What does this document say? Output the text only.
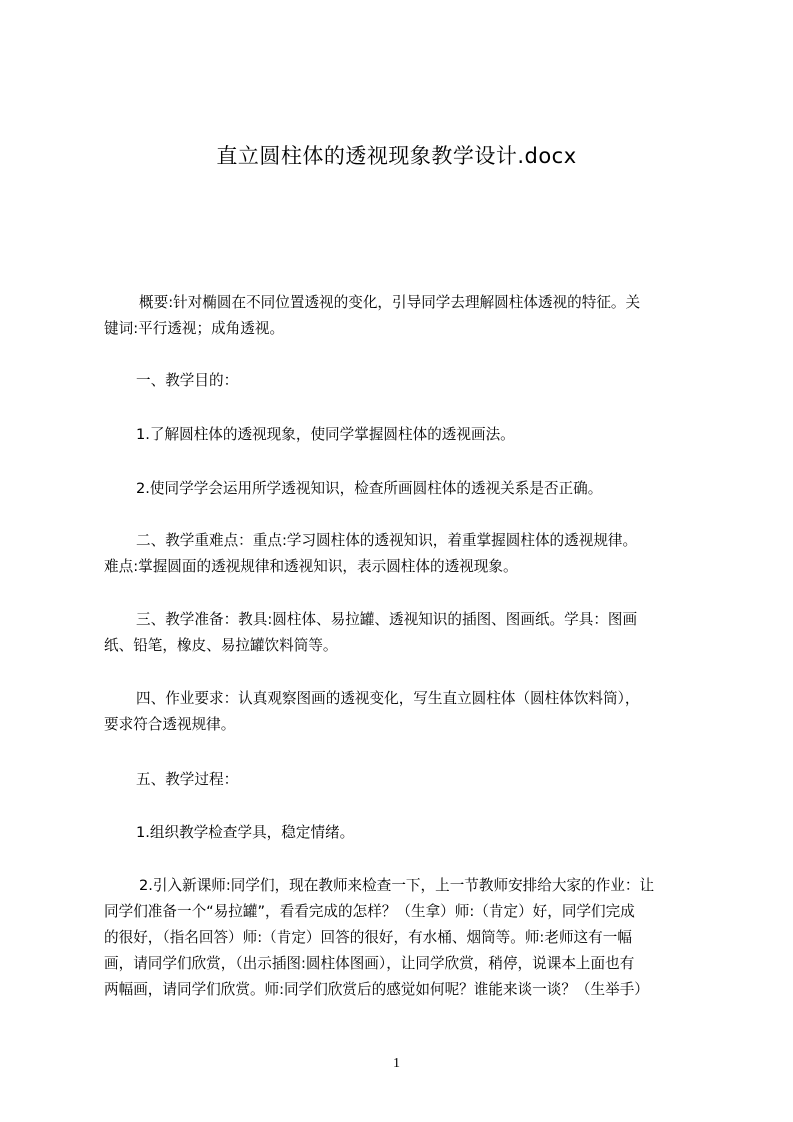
直立圆柱体的透视现象教学设计.docx
概要:针对椭圆在不同位置透视的变化，引导同学去理解圆柱体透视的特征。关
键词:平行透视；成角透视。
一、教学目的：
1.了解圆柱体的透视现象，使同学掌握圆柱体的透视画法。
2.使同学学会运用所学透视知识，检查所画圆柱体的透视关系是否正确。
二、教学重难点：重点:学习圆柱体的透视知识，着重掌握圆柱体的透视规律。
难点:掌握圆面的透视规律和透视知识，表示圆柱体的透视现象。
三、教学准备：教具:圆柱体、易拉罐、透视知识的插图、图画纸。学具：图画
纸、铅笔，橡皮、易拉罐饮料筒等。
四、作业要求：认真观察图画的透视变化，写生直立圆柱体（圆柱体饮料筒），
要求符合透视规律。
五、教学过程：
1.组织教学检查学具，稳定情绪。
2.引入新课师:同学们，现在教师来检查一下，上一节教师安排给大家的作业：让
同学们准备一个“易拉罐”，看看完成的怎样？（生拿）师:（肯定）好，同学们完成
的很好，（指名回答）师:（肯定）回答的很好，有水桶、烟筒等。师:老师这有一幅
画，请同学们欣赏，（出示插图:圆柱体图画），让同学欣赏，稍停，说课本上面也有
两幅画，请同学们欣赏。师:同学们欣赏后的感觉如何呢？谁能来谈一谈？（生举手）
1
